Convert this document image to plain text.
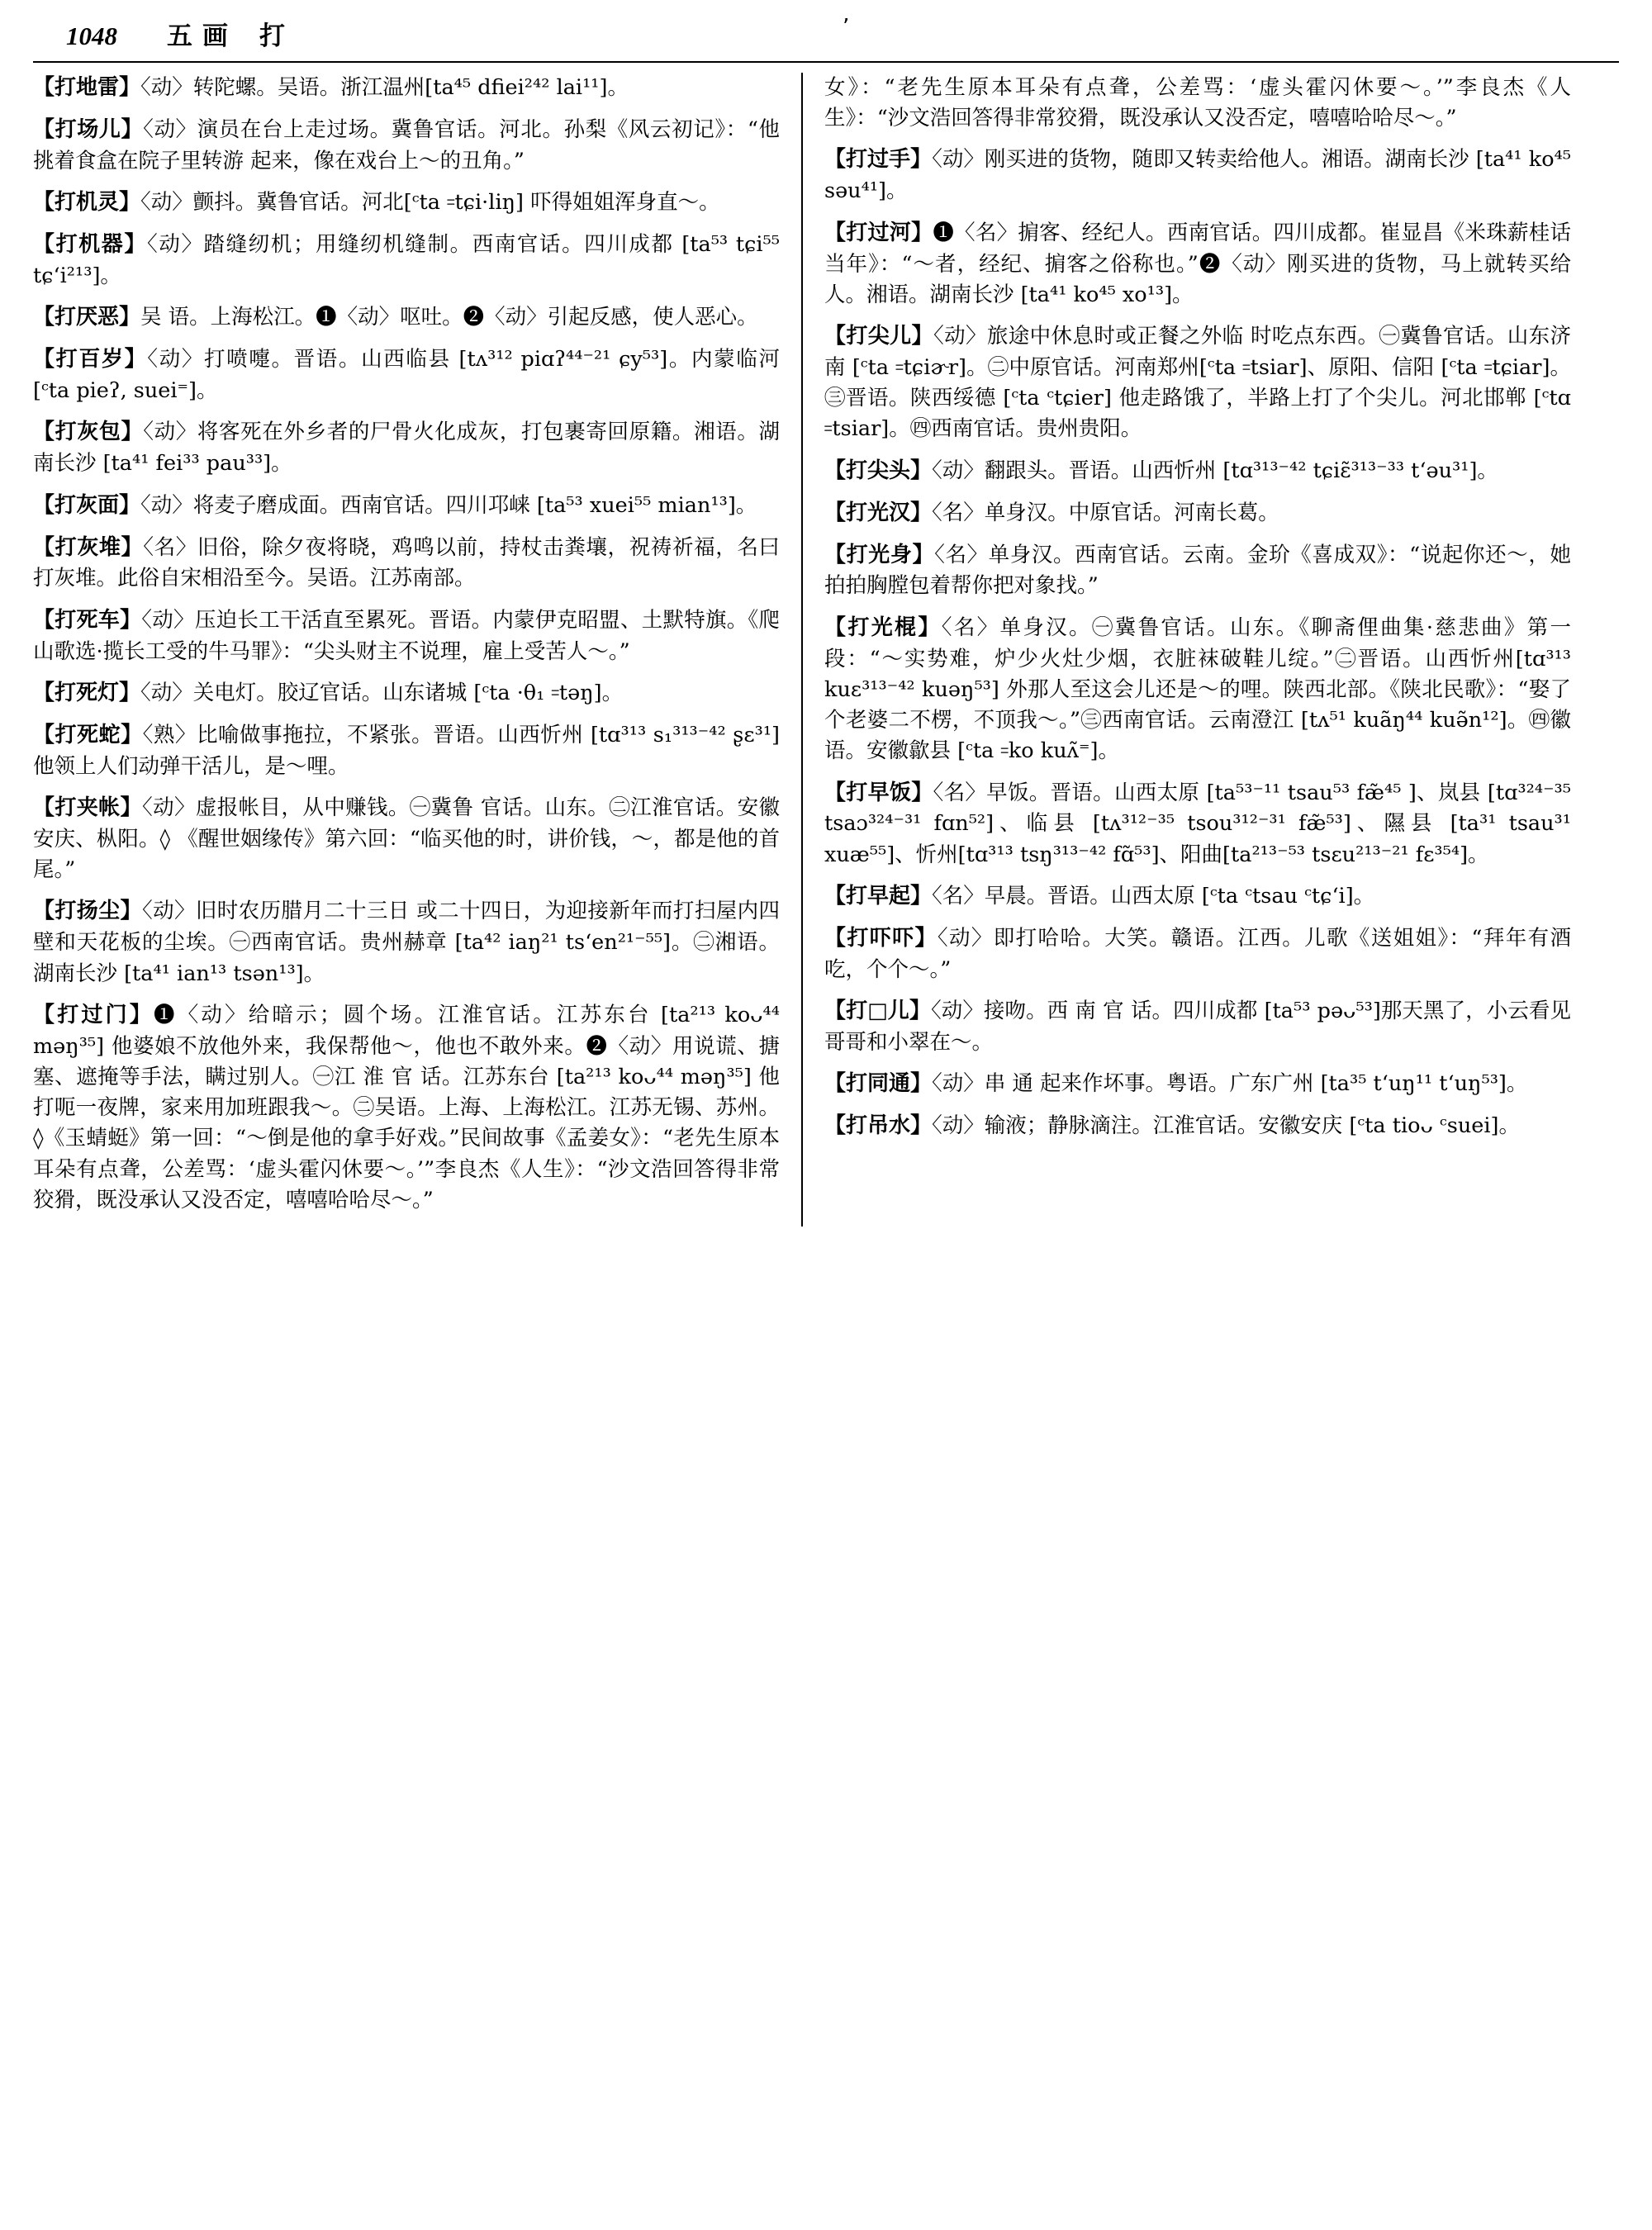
1048 五画 打	ʼ
【打地雷】〈动〉转陀螺。吴语。浙江温州[ta⁴⁵ dfiei²⁴² lai¹¹]。
【打场儿】〈动〉演员在台上走过场。冀鲁官话。河北。孙梨《风云初记》：“他挑着食盒在院子里转游 起来，像在戏台上～的丑角。”
【打机灵】〈动〉颤抖。冀鲁官话。河北[ᶜta ꞊tɕi·liŋ] 吓得姐姐浑身直～。
【打机器】〈动〉踏缝纫机；用缝纫机缝制。西南官话。四川成都 [ta⁵³ tɕi⁵⁵ tɕʻi²¹³]。
【打厌恶】吴 语。上海松江。❶〈动〉呕吐。❷〈动〉引起反感，使人恶心。
【打百岁】〈动〉打喷嚏。晋语。山西临县 [tʌ³¹² piɑʔ⁴⁴⁻²¹ ɕy⁵³]。内蒙临河 [ᶜta pieʔ, suei⁼]。
【打灰包】〈动〉将客死在外乡者的尸骨火化成灰，打包裹寄回原籍。湘语。湖南长沙 [ta⁴¹ fei³³ pau³³]。
【打灰面】〈动〉将麦子磨成面。西南官话。四川邛崃 [ta⁵³ xuei⁵⁵ mian¹³]。
【打灰堆】〈名〉旧俗，除夕夜将晓，鸡鸣以前，持杖击粪壤，祝祷祈福，名曰打灰堆。此俗自宋相沿至今。吴语。江苏南部。
【打死车】〈动〉压迫长工干活直至累死。晋语。内蒙伊克昭盟、土默特旗。《爬山歌选·揽长工受的牛马罪》：“尖头财主不说理，雇上受苦人～。”
【打死灯】〈动〉关电灯。胶辽官话。山东诸城 [ᶜta ·θ₁ ꞊təŋ]。
【打死蛇】〈熟〉比喻做事拖拉，不紧张。晋语。山西忻州 [tɑ³¹³ s₁³¹³⁻⁴² ʂɛ³¹]他领上人们动弹干活儿，是～哩。
【打夹帐】〈动〉虚报帐目，从中赚钱。㊀冀鲁 官话。山东。㊁江淮官话。安徽安庆、枞阳。◊ 《醒世姻缘传》第六回：“临买他的时，讲价钱，～，都是他的首尾。”
【打扬尘】〈动〉旧时农历腊月二十三日 或二十四日，为迎接新年而打扫屋内四壁和天花板的尘埃。㊀西南官话。贵州赫章 [ta⁴² iaŋ²¹ tsʻen²¹⁻⁵⁵]。㊁湘语。湖南长沙 [ta⁴¹ ian¹³ tsən¹³]。
【打过门】❶〈动〉给暗示；圆个场。江淮官话。江苏东台 [ta²¹³ koᴗ⁴⁴ məŋ³⁵] 他婆娘不放他外来，我保帮他～，他也不敢外来。❷〈动〉用说谎、搪塞、遮掩等手法，瞒过别人。㊀江 淮 官 话。江苏东台 [ta²¹³ koᴗ⁴⁴ məŋ³⁵] 他打呃一夜牌，家来用加班跟我～。㊁吴语。上海、上海松江。江苏无锡、苏州。◊《玉蜻蜓》第一回：“～倒是他的拿手好戏。”民间故事《孟姜女》：“老先生原本耳朵有点聋，公差骂：‘虚头霍闪休要～。’”李良杰《人生》：“沙文浩回答得非常狡猾，既没承认又没否定，嘻嘻哈哈尽～。”
女》：“老先生原本耳朵有点聋，公差骂：‘虚头霍闪休要～。’”李良杰《人生》：“沙文浩回答得非常狡猾，既没承认又没否定，嘻嘻哈哈尽～。”
【打过手】〈动〉刚买进的货物，随即又转卖给他人。湘语。湖南长沙 [ta⁴¹ ko⁴⁵ səu⁴¹]。
【打过河】❶〈名〉掮客、经纪人。西南官话。四川成都。崔显昌《米珠薪桂话当年》：“～者，经纪、掮客之俗称也。”❷〈动〉刚买进的货物，马上就转买给人。湘语。湖南长沙 [ta⁴¹ ko⁴⁵ xo¹³]。
【打尖儿】〈动〉旅途中休息时或正餐之外临 时吃点东西。㊀冀鲁官话。山东济南 [ᶜta ꞊tɕiɚr]。㊁中原官话。河南郑州[ᶜta ꞊tsiar]、原阳、信阳 [ᶜta ꞊tɕiar]。㊂晋语。陕西绥德 [ᶜta ᶜtɕier] 他走路饿了，半路上打了个尖儿。河北邯郸 [ᶜtɑ ꞊tsiar]。㊃西南官话。贵州贵阳。
【打尖头】〈动〉翻跟头。晋语。山西忻州 [tɑ³¹³⁻⁴² tɕiɛ̃³¹³⁻³³ tʻəu³¹]。
【打光汉】〈名〉单身汉。中原官话。河南长葛。
【打光身】〈名〉单身汉。西南官话。云南。金玠《喜成双》：“说起你还～，她拍拍胸膛包着帮你把对象找。”
【打光棍】〈名〉单身汉。㊀冀鲁官话。山东。《聊斋俚曲集·慈悲曲》第一段：“～实势难，炉少火灶少烟，衣脏袜破鞋儿绽。”㊁晋语。山西忻州[tɑ³¹³ kuɛ³¹³⁻⁴² kuəŋ⁵³] 外那人至这会儿还是～的哩。陕西北部。《陕北民歌》：“娶了个老婆二不楞，不顶我～。”㊂西南官话。云南澄江 [tʌ⁵¹ kuãŋ⁴⁴ kuə̃n¹²]。㊃徽语。安徽歙县 [ᶜta ꞊ko kuʌ̃⁼]。
【打早饭】〈名〉早饭。晋语。山西太原 [ta⁵³⁻¹¹ tsau⁵³ fæ̃⁴⁵ ]、岚县 [tɑ³²⁴⁻³⁵ tsaɔ³²⁴⁻³¹ fɑn⁵²]、临县 [tʌ³¹²⁻³⁵ tsou³¹²⁻³¹ fæ̃⁵³]、隰县 [ta³¹ tsau³¹ xuæ⁵⁵]、忻州[tɑ³¹³ tsŋ³¹³⁻⁴² fɑ̃⁵³]、阳曲[ta²¹³⁻⁵³ tsɛu²¹³⁻²¹ fɛ³⁵⁴]。
【打早起】〈名〉早晨。晋语。山西太原 [ᶜta ᶜtsau ᶜtɕʻi]。
【打吓吓】〈动〉即打哈哈。大笑。赣语。江西。儿歌《送姐姐》：“拜年有酒吃，个个～。”
【打□儿】〈动〉接吻。西 南 官 话。四川成都 [ta⁵³ pəᴗ⁵³]那天黑了，小云看见哥哥和小翠在～。
【打同通】〈动〉串 通 起来作坏事。粤语。广东广州 [ta³⁵ tʻuŋ¹¹ tʻuŋ⁵³]。
【打吊水】〈动〉输液；静脉滴注。江淮官话。安徽安庆 [ᶜta tioᴗ ᶜsuei]。
